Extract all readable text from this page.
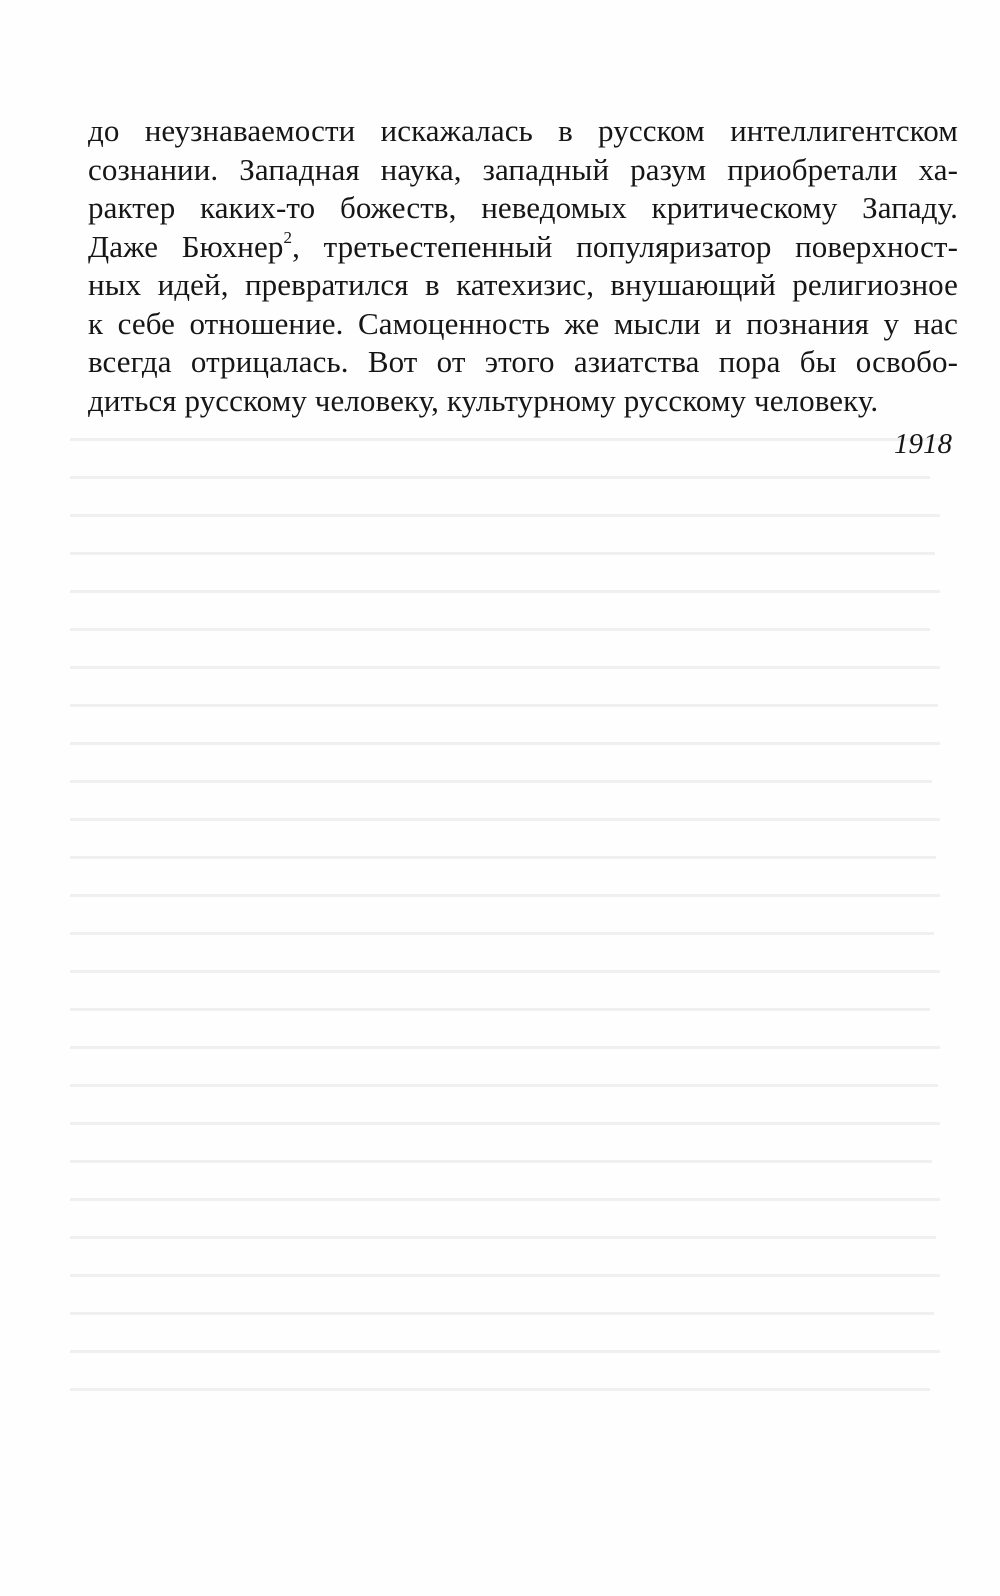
до неузнаваемости искажалась в русском интеллигентском
сознании. Западная наука, западный разум приобретали ха-
рактер каких-то божеств, неведомых критическому Западу.
Даже Бюхнер$^2$, третьестепенный популяризатор поверхност-
ных идей, превратился в катехизис, внушающий религиозное
к себе отношение. Самоценность же мысли и познания у нас
всегда отрицалась. Вот от этого азиатства пора бы освобо-
диться русскому человеку, культурному русскому человеку.
1918
